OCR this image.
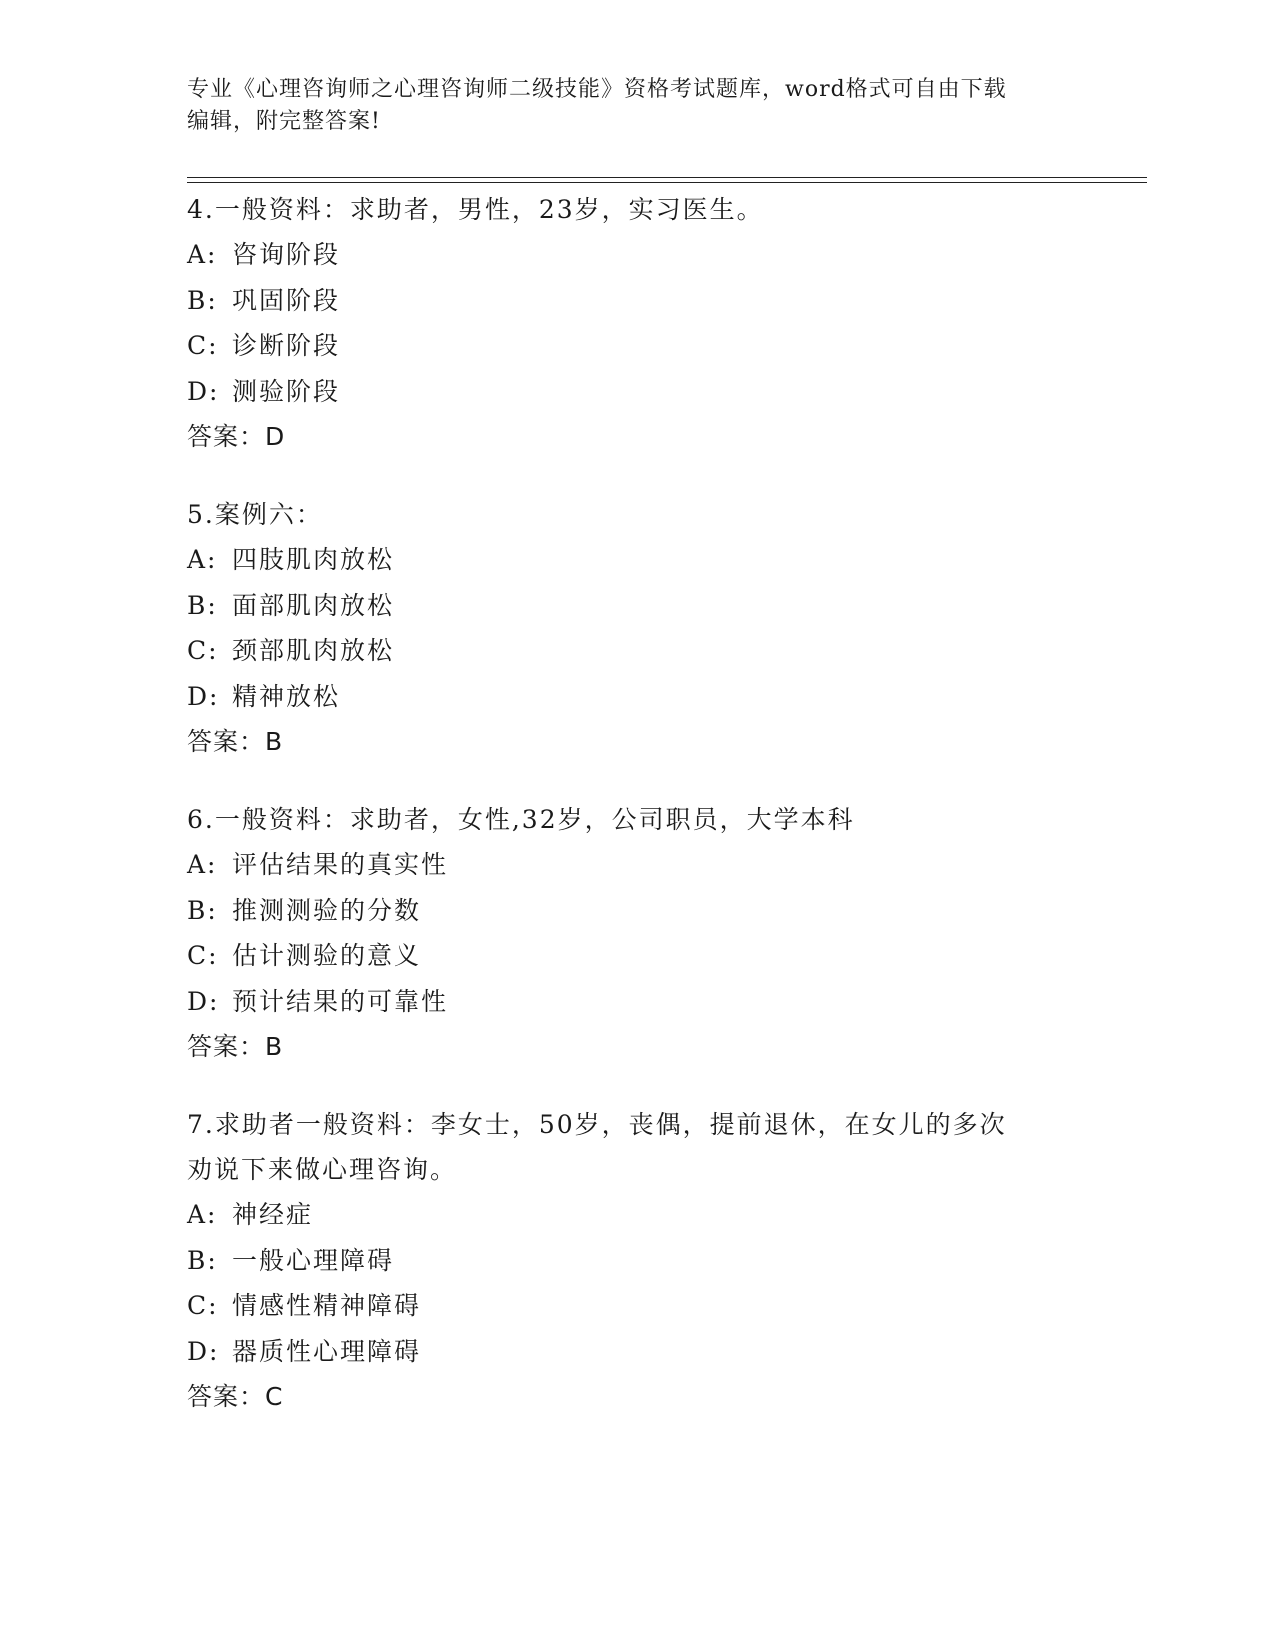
专业《心理咨询师之心理咨询师二级技能》资格考试题库，word格式可自由下载
编辑，附完整答案!

4.一般资料：求助者，男性，23岁，实习医生。

A: 咨询阶段
B: 巩固阶段
C: 诊断阶段
D: 测验阶段

答案：D

5.案例六：

A: 四肢肌肉放松
B: 面部肌肉放松
C: 颈部肌肉放松
D: 精神放松

答案：B

6.一般资料：求助者，女性,32岁，公司职员，大学本科

A: 评估结果的真实性
B: 推测测验的分数
C: 估计测验的意义
D: 预计结果的可靠性

答案：B

7.求助者一般资料：李女士，50岁，丧偶，提前退休，在女儿的多次

劝说下来做心理咨询。

A: 神经症
B: 一般心理障碍
C: 情感性精神障碍
D: 器质性心理障碍

答案：C
